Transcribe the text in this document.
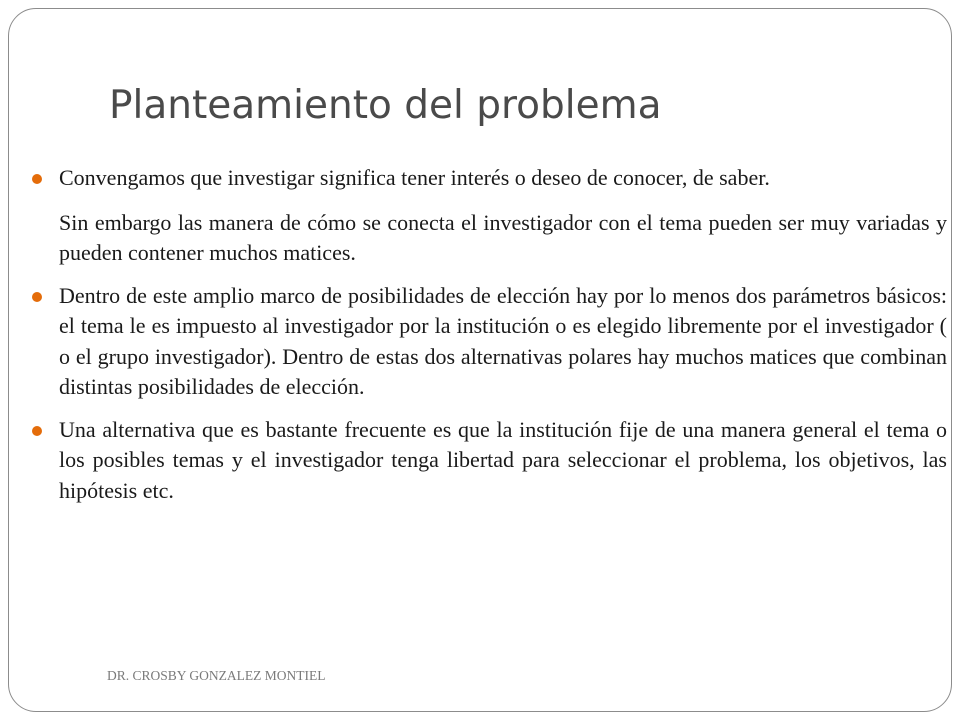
Planteamiento del problema

Convengamos que investigar significa tener interés o deseo de conocer, de saber.

Sin embargo las manera de cómo se conecta el investigador con el tema pueden ser muy variadas y pueden contener muchos matices.

Dentro de este amplio marco de posibilidades de elección hay por lo menos dos parámetros básicos: el tema le es impuesto al investigador por la institución o es elegido libremente por el investigador ( o el grupo investigador). Dentro de estas dos alternativas polares hay muchos matices que combinan distintas posibilidades de elección.

Una alternativa que es bastante frecuente es que la institución fije de una manera general el tema o los posibles temas y el investigador tenga libertad para seleccionar el problema, los objetivos, las hipótesis etc.

DR. CROSBY GONZALEZ MONTIEL
